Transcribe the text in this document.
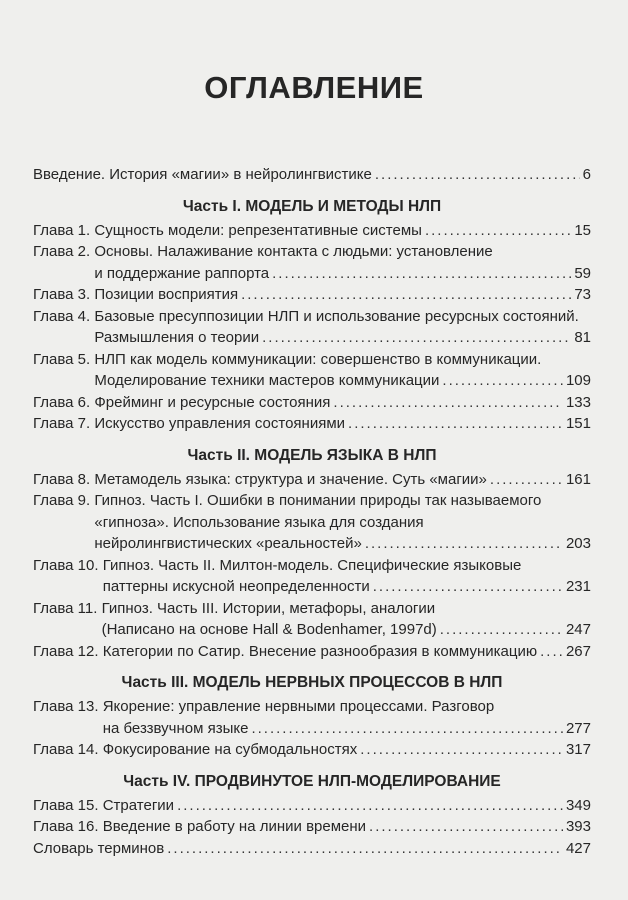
ОГЛАВЛЕНИЕ
Введение. История «магии» в нейролингвистике .....	6
Часть I. МОДЕЛЬ И МЕТОДЫ НЛП
Глава 1. Сущность модели: репрезентативные системы .....	15
Глава 2. Основы. Налаживание контакта с людьми: установление
и поддержание раппорта .....	59
Глава 3. Позиции восприятия .....	73
Глава 4. Базовые пресуппозиции НЛП и использование ресурсных состояний.
Размышления о теории .....	81
Глава 5. НЛП как модель коммуникации: совершенство в коммуникации.
Моделирование техники мастеров коммуникации .....	109
Глава 6. Фрейминг и ресурсные состояния .....	133
Глава 7. Искусство управления состояниями .....	151
Часть II. МОДЕЛЬ ЯЗЫКА В НЛП
Глава 8. Метамодель языка: структура и значение. Суть «магии» .....	161
Глава 9. Гипноз. Часть I. Ошибки в понимании природы так называемого
«гипноза». Использование языка для создания
нейролингвистических «реальностей» .....	203
Глава 10. Гипноз. Часть II. Милтон-модель. Специфические языковые
паттерны искусной неопределенности .....	231
Глава 11. Гипноз. Часть III. Истории, метафоры, аналогии
(Написано на основе Hall & Bodenhamer, 1997d) .....	247
Глава 12. Категории по Сатир. Внесение разнообразия в коммуникацию ..... 267
Часть III. МОДЕЛЬ НЕРВНЫХ ПРОЦЕССОВ В НЛП
Глава 13. Якорение: управление нервными процессами. Разговор
на беззвучном языке .....	277
Глава 14. Фокусирование на субмодальностях .....	317
Часть IV. ПРОДВИНУТОЕ НЛП-МОДЕЛИРОВАНИЕ
Глава 15. Стратегии .....	349
Глава 16. Введение в работу на линии времени .....	393
Словарь терминов .....	427
